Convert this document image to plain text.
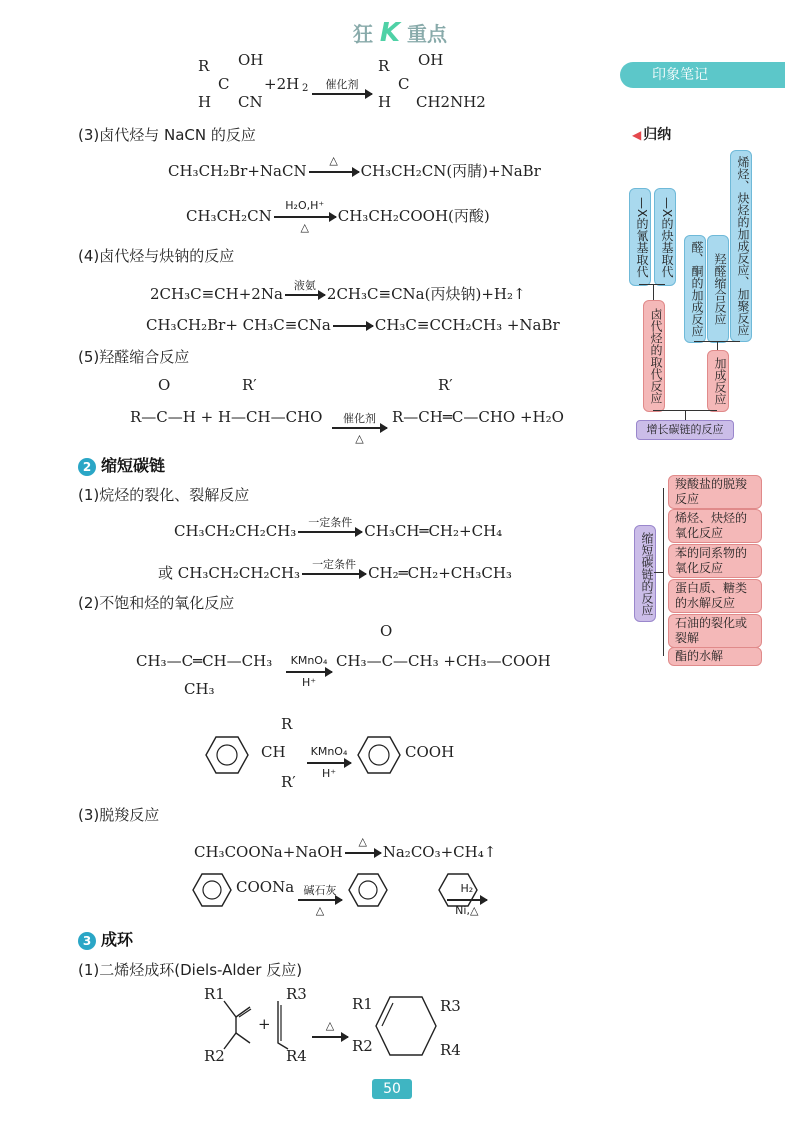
狂 K 重点
印象笔记
◀ 归纳
R OH
C
H CN
+2H 2	催化剂
R OH
C
H CH2NH2
(3)卤代烃与 NaCN 的反应
CH₃CH₂Br+NaCN
△
CH₃CH₂CN(丙腈)+NaBr
CH₃CH₂CN
H₂O,H⁺
△
CH₃CH₂COOH(丙酸)
(4)卤代烃与炔钠的反应
2CH₃C≡CH+2Na	液氨 2CH₃C≡CNa(丙炔钠)+H₂↑
CH₃CH₂Br+ CH₃C≡CNa	CH₃C≡CCH₂CH₃ +NaBr
(5)羟醛缩合反应
O	R′
R—C—H + H—CH—CHO	催化剂
△
R′
R—CH═C—CHO +H₂O
2 缩短碳链
(1)烷烃的裂化、裂解反应
CH₃CH₂CH₂CH₃	一定条件 CH₃CH═CH₂+CH₄
或 CH₃CH₂CH₂CH₃	一定条件 CH₂═CH₂+CH₃CH₃
(2)不饱和烃的氧化反应
CH₃—C═CH—CH₃
CH₃
KMnO₄
H⁺
O
CH₃—C—CH₃ +CH₃—COOH
CH
R
R′
KMnO₄
H⁺
COOH
(3)脱羧反应
CH₃COONa+NaOH
△
Na₂CO₃+CH₄↑
COONa 碱石灰
△

H₂
Ni,△
3 成环
(1)二烯烃成环(Diels-Alder 反应)
R1
R2
+
R3
R4
△
R1
R2
R3
R4
—X的氰基取代 —X的炔基取代
醛、酮的加成反应	烯烃、炔烃的加成反应、加聚反应
卤代烃的取代反应
羟醛缩合反应
加成反应
增长碳链的反应
缩短碳链的反应
羧酸盐的脱羧反应
烯烃、炔烃的氧化反应
苯的同系物的氧化反应
蛋白质、糖类的水解反应
石油的裂化或裂解
酯的水解
50
